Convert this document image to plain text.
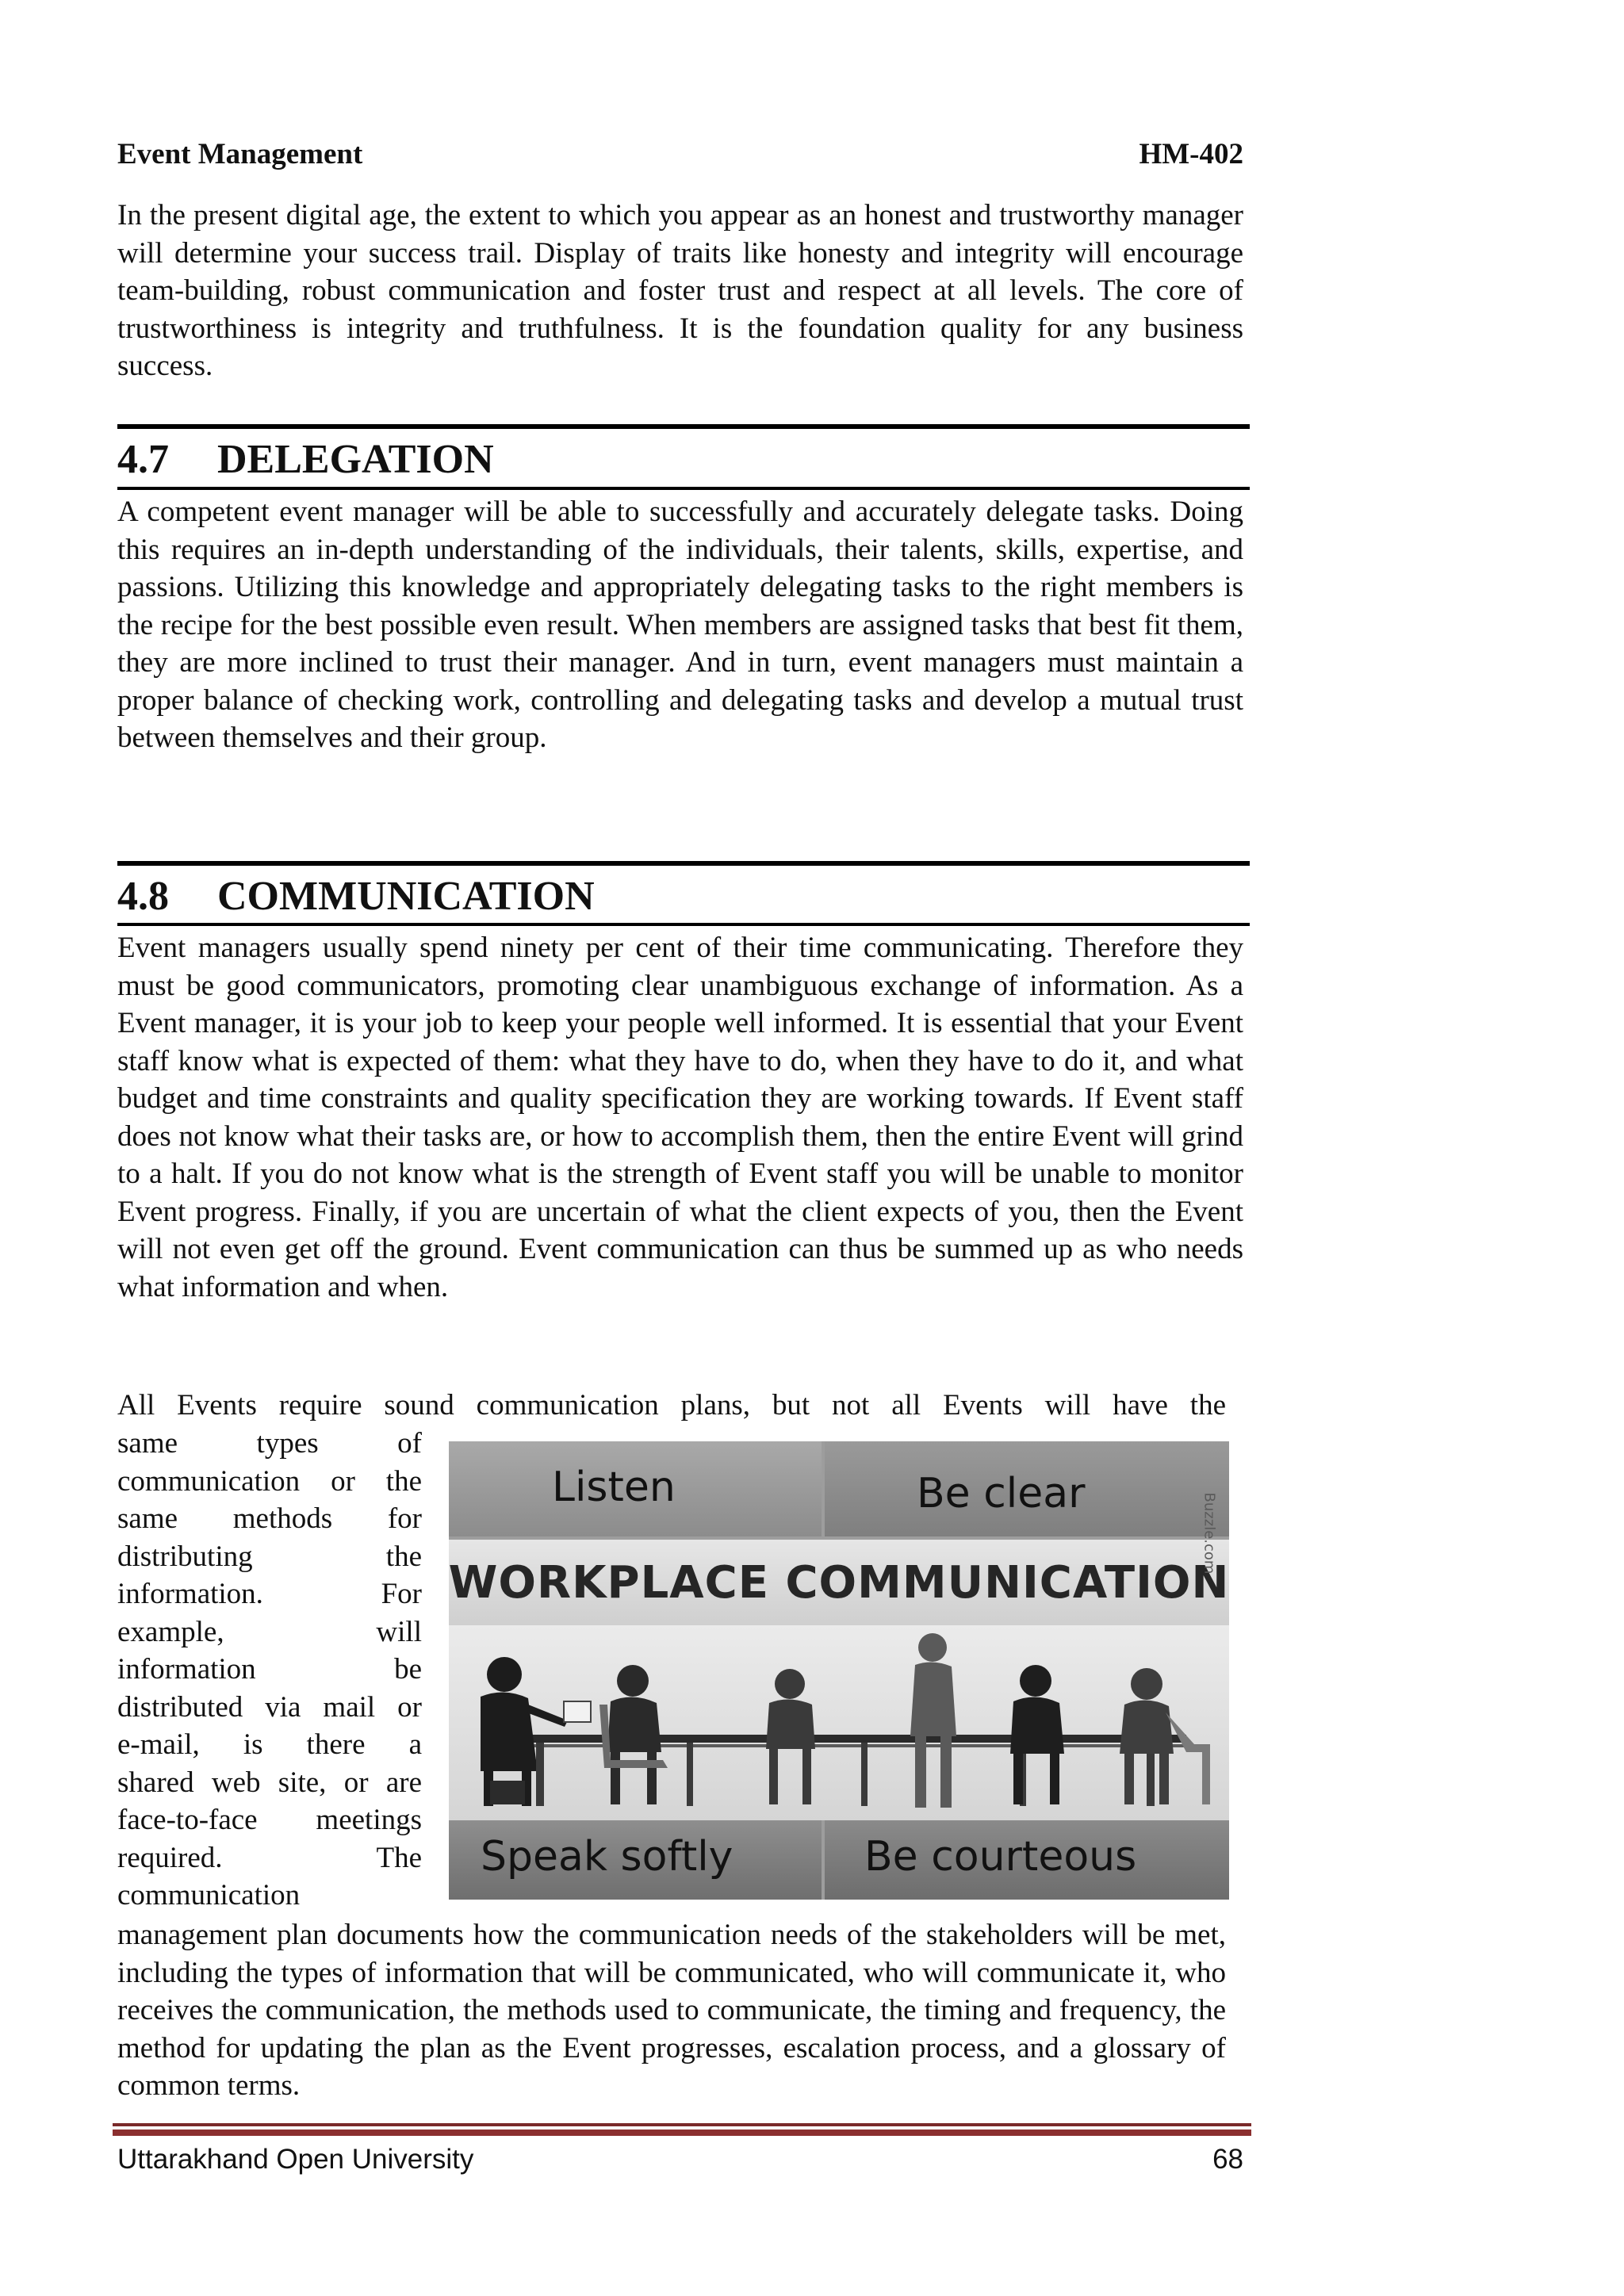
Event Management	HM-402

In the present digital age, the extent to which you appear as an honest and trustworthy manager will determine your success trail. Display of traits like honesty and integrity will encourage team-building, robust communication and foster trust and respect at all levels. The core of trustworthiness is integrity and truthfulness. It is the foundation quality for any business success.

4.7 DELEGATION

A competent event manager will be able to successfully and accurately delegate tasks. Doing this requires an in-depth understanding of the individuals, their talents, skills, expertise, and passions. Utilizing this knowledge and appropriately delegating tasks to the right members is the recipe for the best possible even result. When members are assigned tasks that best fit them, they are more inclined to trust their manager. And in turn, event managers must maintain a proper balance of checking work, controlling and delegating tasks and develop a mutual trust between themselves and their group.

4.8 COMMUNICATION

Event managers usually spend ninety per cent of their time communicating. Therefore they must be good communicators, promoting clear unambiguous exchange of information. As a Event manager, it is your job to keep your people well informed. It is essential that your Event staff know what is expected of them: what they have to do, when they have to do it, and what budget and time constraints and quality specification they are working towards. If Event staff does not know what their tasks are, or how to accomplish them, then the entire Event will grind to a halt. If you do not know what is the strength of Event staff you will be unable to monitor Event progress. Finally, if you are uncertain of what the client expects of you, then the Event will not even get off the ground. Event communication can thus be summed up as who needs what information and when.

All Events require sound communication plans, but not all Events will have the

same types of
communication or the
same methods for
distributing the
information. For
example, will
information be
distributed via mail or
e-mail, is there a
shared web site, or are
face-to-face meetings
required. The
communication
Listen	Be clear
WORKPLACE COMMUNICATION
Speak softly	Be courteous
Buzzle.com

management plan documents how the communication needs of the stakeholders will be met, including the types of information that will be communicated, who will communicate it, who receives the communication, the methods used to communicate, the timing and frequency, the method for updating the plan as the Event progresses, escalation process, and a glossary of common terms.

Uttarakhand Open University	68
